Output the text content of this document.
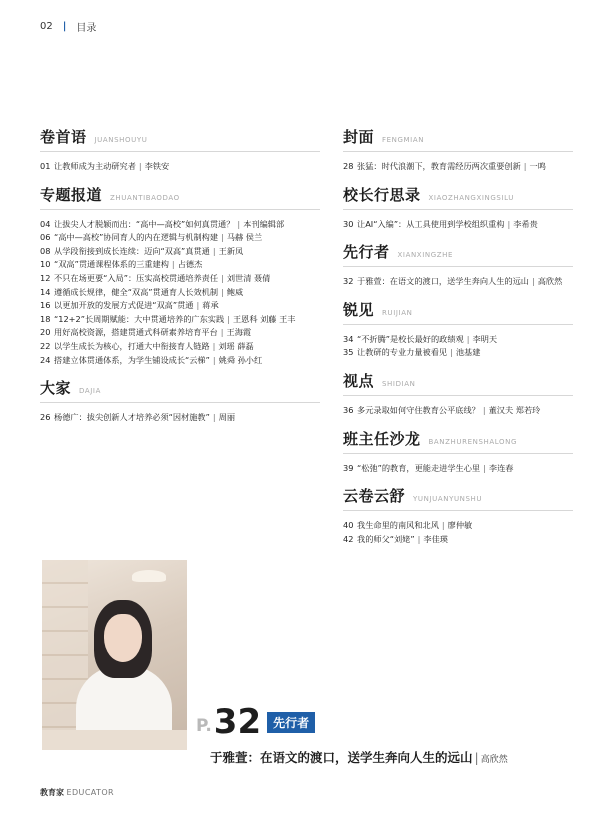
02 | 目录
卷首语 JUANSHOUYU
01 让教师成为主动研究者 | 李铁安
专题报道 ZHUANTIBAODAO
04 让拔尖人才脱颖而出：“高中—高校”如何真贯通？ | 本刊编辑部
06 “高中—高校”协同育人的内在逻辑与机制构建 | 马赫 侯兰
08 从学段衔接到成长连续：迈向“双高”真贯通 | 王新凤
10 “双高”贯通课程体系的三重建构 | 占德杰
12 不只在场更要“入局”：压实高校贯通培养责任 | 刘世清 聂倩
14 遵循成长规律，健全“双高”贯通育人长效机制 | 鲍威
16 以更加开放的发展方式促进“双高”贯通 | 蒋承
18 “12+2”长周期赋能：大中贯通培养的广东实践 | 王恩科 刘藤 王丰
20 用好高校资源，搭建贯通式科研素养培育平台 | 王海霞
22 以学生成长为核心，打通大中衔接育人链路 | 刘瑶 薛磊
24 搭建立体贯通体系，为学生铺设成长“云梯” | 姚舜 孙小红
大家 DAJIA
26 杨德广：拔尖创新人才培养必须“因材施教” | 周丽
封面 FENGMIAN
28 张猛：时代浪潮下，教育需经历两次重要创新 | 一鸣
校长行思录 XIAOZHANGXINGSILU
30 让AI“入编”：从工具使用到学校组织重构 | 李希贵
先行者 XIANXINGZHE
32 于雅萱：在语文的渡口，送学生奔向人生的远山 | 高欣然
锐见 RUIJIAN
34 “不折腾”是校长最好的政绩观 | 李明天
35 让教研的专业力量被看见 | 池基建
视点 SHIDIAN
36 多元录取如何守住教育公平底线？ | 董汉夫 郑若玲
班主任沙龙 BANZHURENSHALONG
39 “松弛”的教育，更能走进学生心里 | 李连春
云卷云舒 YUNJUANYUNSHU
40 我生命里的南风和北风 | 廖仲敏
42 我的师父“刘姥” | 李佳瑛
P. 32	先行者
于雅萱：在语文的渡口，送学生奔向人生的远山 | 高欣然
教育家 EDUCATOR
